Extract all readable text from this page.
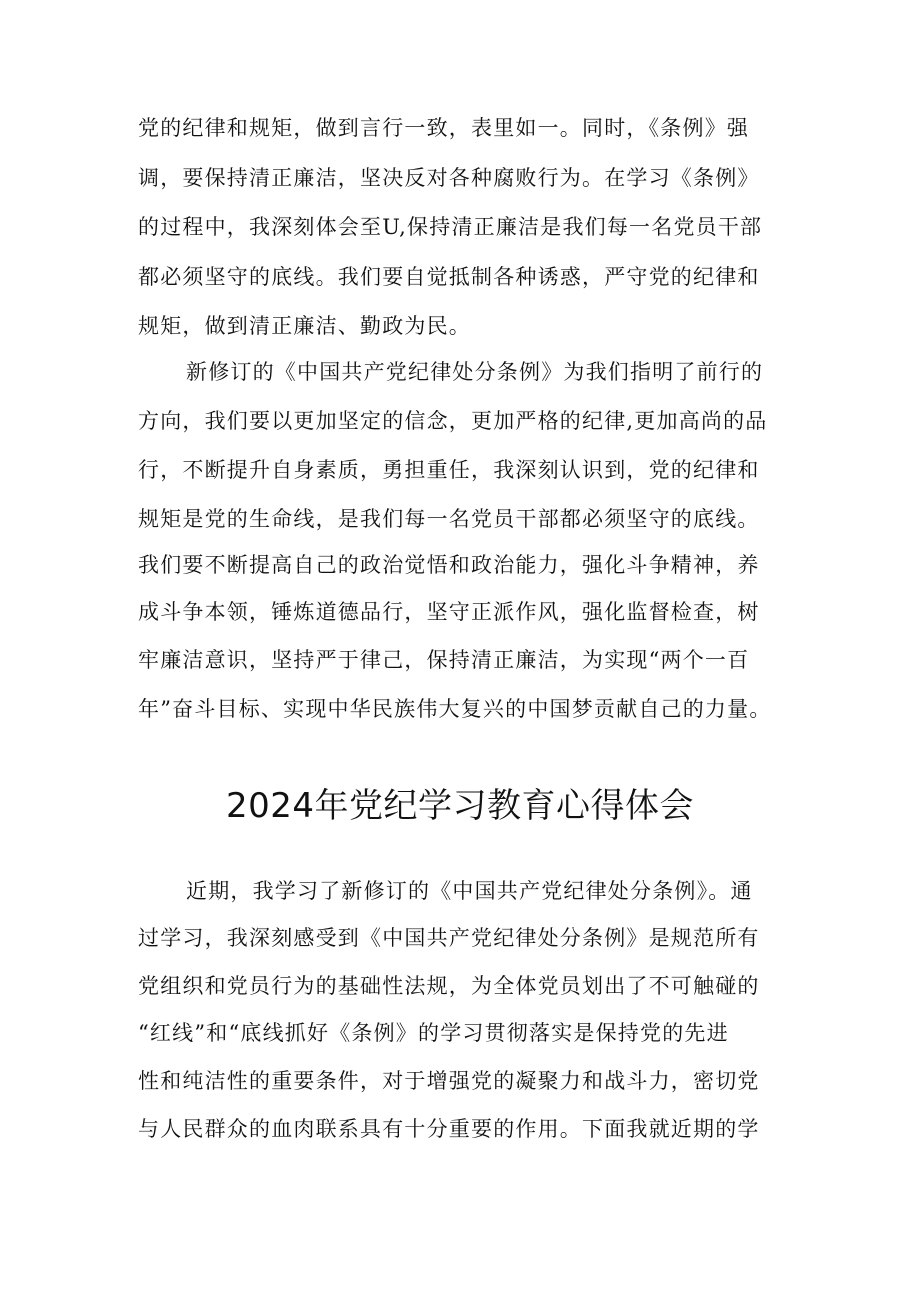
党的纪律和规矩，做到言行一致，表里如一。同时，《条例》强
调，要保持清正廉洁，坚决反对各种腐败行为。在学习《条例》
的过程中，我深刻体会至U,保持清正廉洁是我们每一名党员干部
都必须坚守的底线。我们要自觉抵制各种诱惑，严守党的纪律和
规矩，做到清正廉洁、勤政为民。
新修订的《中国共产党纪律处分条例》为我们指明了前行的
方向，我们要以更加坚定的信念，更加严格的纪律,更加高尚的品
行，不断提升自身素质，勇担重任，我深刻认识到，党的纪律和
规矩是党的生命线，是我们每一名党员干部都必须坚守的底线。
我们要不断提高自己的政治觉悟和政治能力，强化斗争精神，养
成斗争本领，锤炼道德品行，坚守正派作风，强化监督检查，树
牢廉洁意识，坚持严于律己，保持清正廉洁，为实现“两个一百
年”奋斗目标、实现中华民族伟大复兴的中国梦贡献自己的力量。
2024年党纪学习教育心得体会
近期，我学习了新修订的《中国共产党纪律处分条例》。通
过学习，我深刻感受到《中国共产党纪律处分条例》是规范所有
党组织和党员行为的基础性法规，为全体党员划出了不可触碰的
“红线”和“底线抓好《条例》的学习贯彻落实是保持党的先进
性和纯洁性的重要条件，对于增强党的凝聚力和战斗力，密切党
与人民群众的血肉联系具有十分重要的作用。下面我就近期的学
